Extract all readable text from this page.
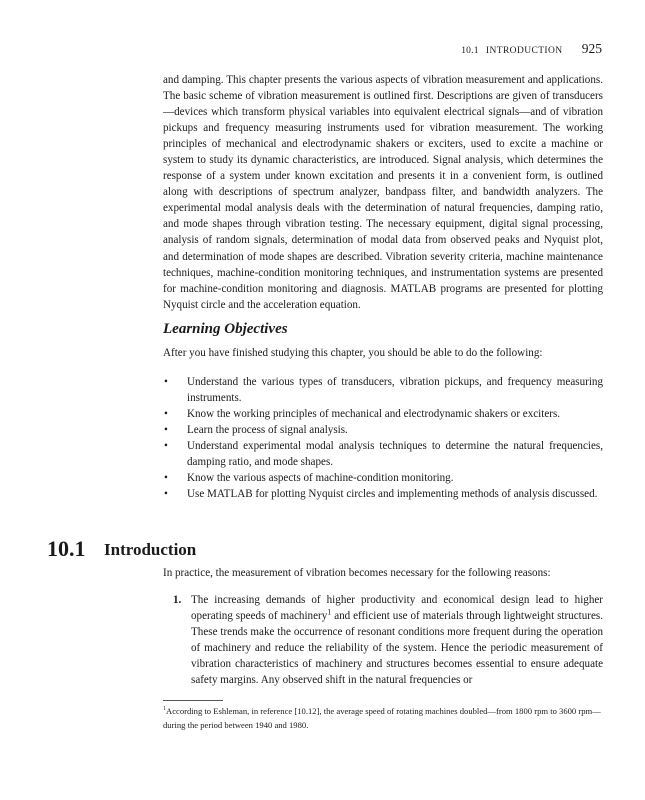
10.1 INTRODUCTION 925

and damping. This chapter presents the various aspects of vibration measurement and applications. The basic scheme of vibration measurement is outlined first. Descriptions are given of transducers—devices which transform physical variables into equivalent electrical signals—and of vibration pickups and frequency measuring instruments used for vibration measurement. The working principles of mechanical and electrodynamic shakers or exciters, used to excite a machine or system to study its dynamic characteristics, are introduced. Signal analysis, which determines the response of a system under known excitation and presents it in a convenient form, is outlined along with descriptions of spectrum analyzer, bandpass filter, and bandwidth analyzers. The experimental modal analysis deals with the determination of natural frequencies, damping ratio, and mode shapes through vibration testing. The necessary equipment, digital signal processing, analysis of random signals, determination of modal data from observed peaks and Nyquist plot, and determination of mode shapes are described. Vibration severity criteria, machine maintenance techniques, machine-condition monitoring techniques, and instrumentation systems are presented for machine-condition monitoring and diagnosis. MATLAB programs are presented for plotting Nyquist circle and the acceleration equation.

Learning Objectives

After you have finished studying this chapter, you should be able to do the following:

• Understand the various types of transducers, vibration pickups, and frequency measuring instruments.
• Know the working principles of mechanical and electrodynamic shakers or exciters.
• Learn the process of signal analysis.
• Understand experimental modal analysis techniques to determine the natural frequencies, damping ratio, and mode shapes.
• Know the various aspects of machine-condition monitoring.
• Use MATLAB for plotting Nyquist circles and implementing methods of analysis discussed.
10.1 Introduction

In practice, the measurement of vibration becomes necessary for the following reasons:

1. The increasing demands of higher productivity and economical design lead to higher operating speeds of machinery$^1$ and efficient use of materials through lightweight structures. These trends make the occurrence of resonant conditions more frequent during the operation of machinery and reduce the reliability of the system. Hence the periodic measurement of vibration characteristics of machinery and structures becomes essential to ensure adequate safety margins. Any observed shift in the natural frequencies or

$^1$According to Eshleman, in reference [10.12], the average speed of rotating machines doubled—from 1800 rpm to 3600 rpm—during the period between 1940 and 1980.
